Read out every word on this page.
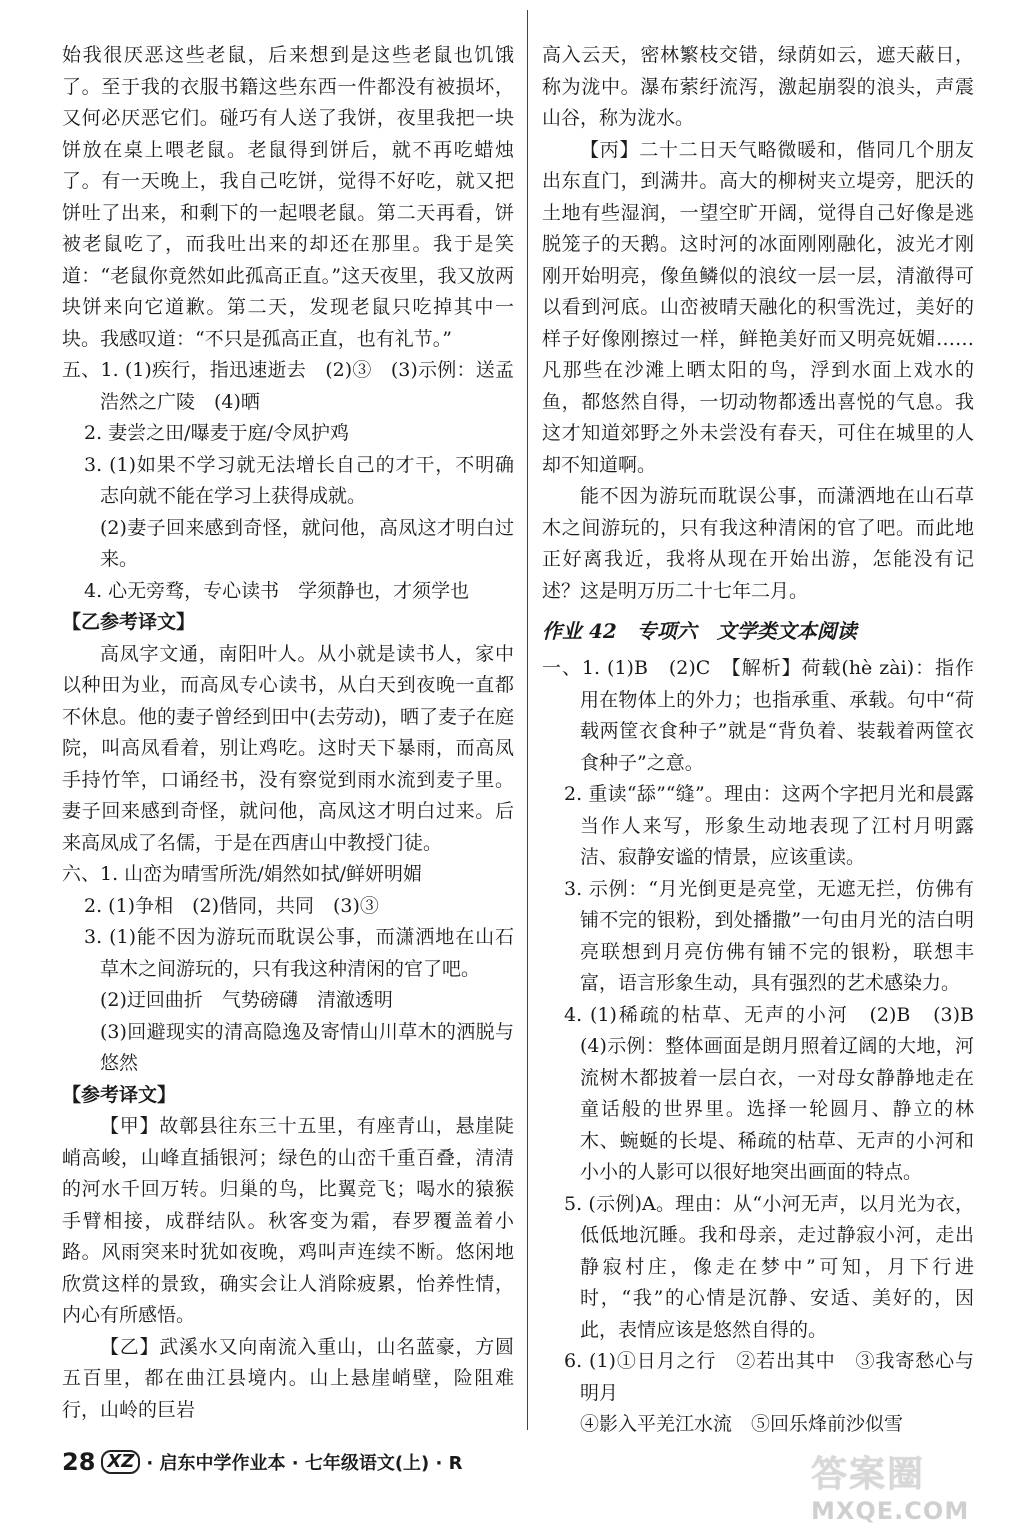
始我很厌恶这些老鼠，后来想到是这些老鼠也饥饿了。至于我的衣服书籍这些东西一件都没有被损坏，又何必厌恶它们。碰巧有人送了我饼，夜里我把一块饼放在桌上喂老鼠。老鼠得到饼后，就不再吃蜡烛了。有一天晚上，我自己吃饼，觉得不好吃，就又把饼吐了出来，和剩下的一起喂老鼠。第二天再看，饼被老鼠吃了，而我吐出来的却还在那里。我于是笑道：“老鼠你竟然如此孤高正直。”这天夜里，我又放两块饼来向它道歉。第二天，发现老鼠只吃掉其中一块。我感叹道：“不只是孤高正直，也有礼节。”
五、1. (1)疾行，指迅速逝去　(2)③　(3)示例：送孟浩然之广陵　(4)晒
2. 妻尝之田/曝麦于庭/令凤护鸡
3. (1)如果不学习就无法增长自己的才干，不明确志向就不能在学习上获得成就。
(2)妻子回来感到奇怪，就问他，高凤这才明白过来。
4. 心无旁骛，专心读书　学须静也，才须学也
【乙参考译文】
高凤字文通，南阳叶人。从小就是读书人，家中以种田为业，而高凤专心读书，从白天到夜晚一直都不休息。他的妻子曾经到田中(去劳动)，晒了麦子在庭院，叫高凤看着，别让鸡吃。这时天下暴雨，而高凤手持竹竿，口诵经书，没有察觉到雨水流到麦子里。妻子回来感到奇怪，就问他，高凤这才明白过来。后来高凤成了名儒，于是在西唐山中教授门徒。
六、1. 山峦为晴雪所洗/娟然如拭/鲜妍明媚
2. (1)争相　(2)偕同，共同　(3)③
3. (1)能不因为游玩而耽误公事，而潇洒地在山石草木之间游玩的，只有我这种清闲的官了吧。
(2)迂回曲折　气势磅礴　清澈透明
(3)回避现实的清高隐逸及寄情山川草木的洒脱与悠然
【参考译文】
【甲】故鄣县往东三十五里，有座青山，悬崖陡峭高峻，山峰直插银河；绿色的山峦千重百叠，清清的河水千回万转。归巢的鸟，比翼竞飞；喝水的猿猴手臂相接，成群结队。秋客变为霜，春罗覆盖着小路。风雨突来时犹如夜晚，鸡叫声连续不断。悠闲地欣赏这样的景致，确实会让人消除疲累，怡养性情，内心有所感悟。
【乙】武溪水又向南流入重山，山名蓝豪，方圆五百里，都在曲江县境内。山上悬崖峭壁，险阻难行，山岭的巨岩
高入云天，密林繁枝交错，绿荫如云，遮天蔽日，称为泷中。瀑布萦纡流泻，激起崩裂的浪头，声震山谷，称为泷水。
【丙】二十二日天气略微暖和，偕同几个朋友出东直门，到满井。高大的柳树夹立堤旁，肥沃的土地有些湿润，一望空旷开阔，觉得自己好像是逃脱笼子的天鹅。这时河的冰面刚刚融化，波光才刚刚开始明亮，像鱼鳞似的浪纹一层一层，清澈得可以看到河底。山峦被晴天融化的积雪洗过，美好的样子好像刚擦过一样，鲜艳美好而又明亮妩媚……凡那些在沙滩上晒太阳的鸟，浮到水面上戏水的鱼，都悠然自得，一切动物都透出喜悦的气息。我这才知道郊野之外未尝没有春天，可住在城里的人却不知道啊。
能不因为游玩而耽误公事，而潇洒地在山石草木之间游玩的，只有我这种清闲的官了吧。而此地正好离我近，我将从现在开始出游，怎能没有记述？这是明万历二十七年二月。
作业 42　专项六　文学类文本阅读
一、1. (1)B　(2)C　【解析】荷载(hè zài)：指作用在物体上的外力；也指承重、承载。句中“荷载两筐衣食种子”就是“背负着、装载着两筐衣食种子”之意。
2. 重读“舔”“缝”。理由：这两个字把月光和晨露当作人来写，形象生动地表现了江村月明露洁、寂静安谧的情景，应该重读。
3. 示例：“月光倒更是亮堂，无遮无拦，仿佛有铺不完的银粉，到处播撒”一句由月光的洁白明亮联想到月亮仿佛有铺不完的银粉，联想丰富，语言形象生动，具有强烈的艺术感染力。
4. (1)稀疏的枯草、无声的小河　(2)B　(3)B　(4)示例：整体画面是朗月照着辽阔的大地，河流树木都披着一层白衣，一对母女静静地走在童话般的世界里。选择一轮圆月、静立的林木、蜿蜒的长堤、稀疏的枯草、无声的小河和小小的人影可以很好地突出画面的特点。
5. (示例)A。理由：从“小河无声，以月光为衣，低低地沉睡。我和母亲，走过静寂小河，走出静寂村庄，像走在梦中”可知，月下行进时，“我”的心情是沉静、安适、美好的，因此，表情应该是悠然自得的。
6. (1)①日月之行　②若出其中　③我寄愁心与明月
④影入平羌江水流　⑤回乐烽前沙似雪
28 XZ · 启东中学作业本 · 七年级语文(上) · R	答案圈
MXQE.COM
